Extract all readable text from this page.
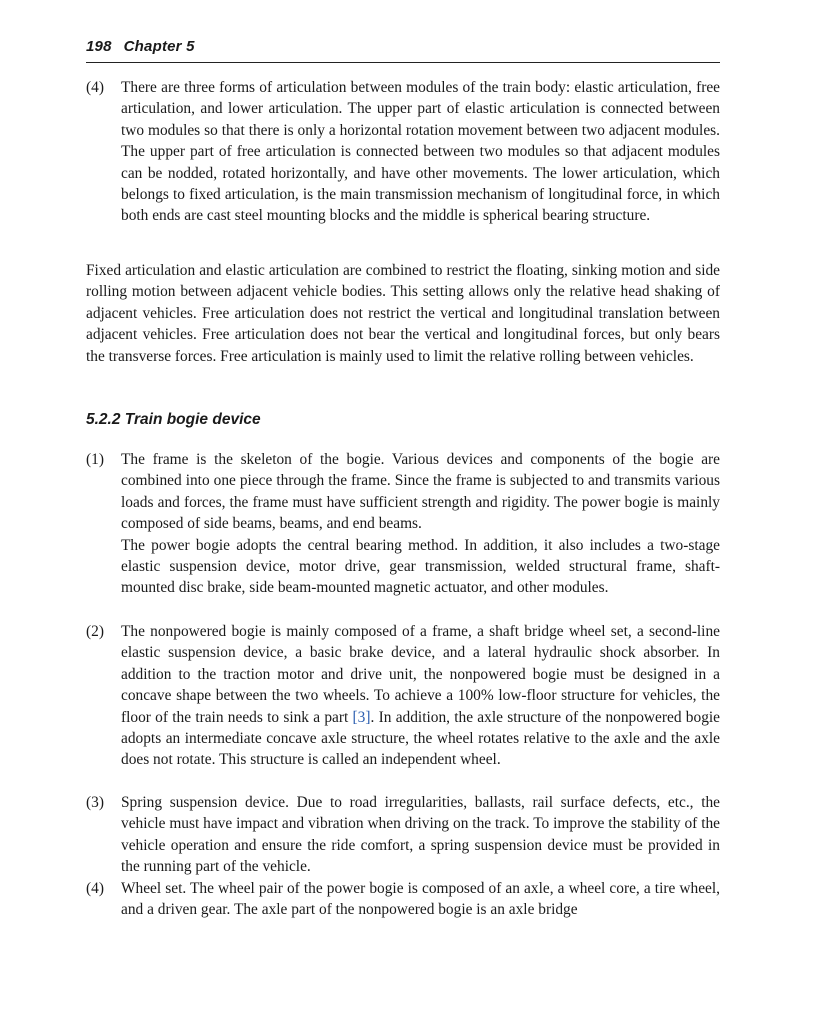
198 Chapter 5
(4)	There are three forms of articulation between modules of the train body: elastic articulation, free articulation, and lower articulation. The upper part of elastic articulation is connected between two modules so that there is only a horizontal rotation movement between two adjacent modules. The upper part of free articulation is connected between two modules so that adjacent modules can be nodded, rotated horizontally, and have other movements. The lower articulation, which belongs to fixed articulation, is the main transmission mechanism of longitudinal force, in which both ends are cast steel mounting blocks and the middle is spherical bearing structure.
Fixed articulation and elastic articulation are combined to restrict the floating, sinking motion and side rolling motion between adjacent vehicle bodies. This setting allows only the relative head shaking of adjacent vehicles. Free articulation does not restrict the vertical and longitudinal translation between adjacent vehicles. Free articulation does not bear the vertical and longitudinal forces, but only bears the transverse forces. Free articulation is mainly used to limit the relative rolling between vehicles.
5.2.2 Train bogie device
(1)	The frame is the skeleton of the bogie. Various devices and components of the bogie are combined into one piece through the frame. Since the frame is subjected to and transmits various loads and forces, the frame must have sufficient strength and rigidity. The power bogie is mainly composed of side beams, beams, and end beams.
The power bogie adopts the central bearing method. In addition, it also includes a two-stage elastic suspension device, motor drive, gear transmission, welded structural frame, shaft-mounted disc brake, side beam-mounted magnetic actuator, and other modules.
(2)	The nonpowered bogie is mainly composed of a frame, a shaft bridge wheel set, a second-line elastic suspension device, a basic brake device, and a lateral hydraulic shock absorber. In addition to the traction motor and drive unit, the nonpowered bogie must be designed in a concave shape between the two wheels. To achieve a 100% low-floor structure for vehicles, the floor of the train needs to sink a part [3]. In addition, the axle structure of the nonpowered bogie adopts an intermediate concave axle structure, the wheel rotates relative to the axle and the axle does not rotate. This structure is called an independent wheel.
(3)	Spring suspension device. Due to road irregularities, ballasts, rail surface defects, etc., the vehicle must have impact and vibration when driving on the track. To improve the stability of the vehicle operation and ensure the ride comfort, a spring suspension device must be provided in the running part of the vehicle.
(4)	Wheel set. The wheel pair of the power bogie is composed of an axle, a wheel core, a tire wheel, and a driven gear. The axle part of the nonpowered bogie is an axle bridge
